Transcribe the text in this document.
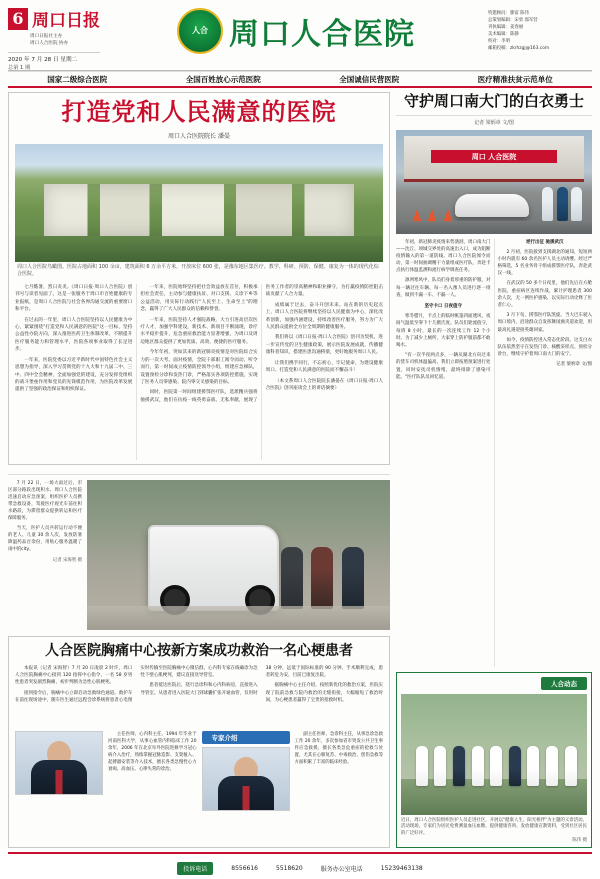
6 周口日报
周口日报社主办
周口人合医院 协办
2020 年 7 月 28 日 星期二
总第 1 期
人合 周口人合医院
特邀顾问：滕富 陈伟
总策划编辑：宋勇 邵军营
刊执编辑：姜春丽
美术编辑：陈静
校对：李明
邮箱投稿：zkrhzgj@163.com
国家二级综合医院	全国百姓放心示范医院	全国诚信民营医院	医疗精准扶贫示范单位
打造党和人民满意的医院
周口人合医院院长 潘晏
周口人合医院鸟瞰图。医院占地面积 100 余亩，建筑面积 6 万余平方米，开放床位 600 张，是豫东地区集医疗、教学、科研、预防、保健、康复为一体的现代化综合医院。

七月酷暑，烈日炎炎。《周口日报·周口人合医院》创刊号与读者见面了。这是一张服务于周口市百姓健康的专业报纸，是周口人合医院与社会各界沟通交流的重要窗口和平台。

在过去的一年里，周口人合医院坚持以人民健康为中心，紧紧围绕"打造党和人民满意的医院"这一目标，坚持公益性办院方向，深入推进医药卫生体制改革，不断提升医疗服务能力和管理水平，医院各项事业取得了长足进步。

一年来，医院党委以习近平新时代中国特色社会主义思想为指导，深入学习贯彻党的十九大和十九届二中、三中、四中全会精神，全面加强党的建设，充分发挥党组织的战斗堡垒作用和党员的先锋模范作用，为医院改革发展提供了坚强的政治保证和组织保证。

一年来，医院始终坚持把社会效益放在首位，积极承担社会责任，主动参与健康扶贫、对口支援、义诊下乡等公益活动，用实际行动践行"人民至上、生命至上"的理念，赢得了广大人民群众的信赖和赞誉。

一年来，医院坚持人才强院战略，大力引进高层次医疗人才，加强学科建设，新技术、新项目不断涌现，诊疗水平稳步提升，危急重症救治能力显著增强，为周口及周边地区群众提供了更加优质、高效、便捷的医疗服务。

今年年初，突如其来的新冠肺炎疫情是对医院综合实力的一次大考。面对疫情，全院干部职工闻令而动、听令而行，第一时间成立疫情防控领导小组，组建应急梯队，设置预检分诊和发热门诊，严格落实各项防控措施，实现了医务人员零感染、院内零交叉感染的目标。

同时，医院第一时间组建援鄂医疗队，选派精兵强将驰援武汉，他们在抗疫一线英勇奋战、无私奉献，展现了医务工作者的崇高精神和职业操守，为打赢疫情防控阻击战贡献了人合力量。

成绩属于过去，奋斗开创未来。站在新的历史起点上，周口人合医院将继续坚持以人民健康为中心，深化改革创新，加强内涵建设，持续改善医疗服务，努力为广大人民群众提供全方位全周期的健康服务。

我们将以《周口日报·周口人合医院》创刊为契机，进一步宣传党的卫生健康政策，展示医院发展成就，传播健康科普知识，搭建医患沟通桥梁，更好地服务周口人民。

让我们携手同行，不忘初心，牢记使命，为建设健康周口、打造党和人民满意的医院而不懈奋斗！

（本文系周口人合医院院长潘晏在《周口日报·周口人合医院》创刊座谈会上的讲话摘要）

7 月 22 日，一场大雨过后，市区部分路段出现积水。周口人合医院迅速启动应急预案，组织医护人员携带急救设备，驾驶医疗观光车前往积水路段，为滞留群众提供转运和医疗保障服务。

当天，医护人员共转运行动不便的老人、儿童 30 余人次，发放防暑降温药品百余份，用贴心服务温暖了雨中的city。

记者 宋海智 摄
人合医院胸痛中心按新方案成功救治一名心梗患者

本报讯（记者 宋海智）7 月 20 日凌晨 2 时许，周口人合医院胸痛中心接到 120 指挥中心指令，一名 58 岁男性患者突发剧烈胸痛，初步判断为急性心肌梗死。

接到指令后，胸痛中心立即启动急救绿色通道。救护车在前往现场途中，随车医生通过远程会诊系统将患者心电图实时传输至医院胸痛中心微信群，心内科专家在线确诊为急性下壁心肌梗死，建议直接送导管室。

患者抵达医院后，绕行急诊科和心内科病房，直接进入导管室。从患者进入医院大门到球囊扩张开通血管，仅用时 38 分钟，远低于国际标准的 90 分钟。手术顺利完成，患者转危为安，目前已康复出院。

据胸痛中心主任介绍，按照新优化的救治方案，医院实现了院前急救与院内救治的无缝衔接，大幅缩短了救治时间，为心梗患者赢得了宝贵的抢救时机。

主任医师，心内科主任，1994 年毕业于河南医科大学，从事心血管内科临床工作 20 余年，2006 年在北京阜外医院进修学习冠心病介入治疗，熟练掌握冠脉造影、支架植入、起搏器安装等介入技术，擅长各类急慢性心力衰竭、高血压、心律失常的诊治。

专家介绍	副主任医师，急诊科主任，从事急诊急救工作 20 余年，多次参加省市突发公共卫生事件应急救援，擅长各类急危重症的抢救与处置，尤其在心肺复苏、中毒救治、创伤急救等方面积累了丰富的临床经验。

守护周口南大门的白衣勇士
记者 梁炳章 文/图
周口 人合医院

年初，新冠肺炎疫情来势汹汹，周口南大门——沈丘、项城交界处的高速出入口，成为阻断疫情输入的第一道防线。周口人合医院闻令而动，第一时间抽调精干力量组成医疗队，奔赴卡点执行体温监测和流行病学调查任务。

凛冽寒风中，队员们身着厚重的防护服，对每一辆过往车辆、每一名入豫人员进行逐一排查，做到不漏一车、不漏一人。

坚守卡口 日夜值守

寒冬腊月，卡点上的临时帐篷四面透风，夜间气温低至零下十几摄氏度。队员们轮流值守，每班 8 小时，最长的一次连续工作 12 个小时。为了减少上厕所，大家穿上防护服前都不敢喝水。

"有一次半夜两点多，一辆从湖北方向过来的货车司机体温偏高，我们立即按照预案进行处置，同时安抚司机情绪，最终排除了感染可能。"医疗队队员回忆道。

逆行出征 驰援武汉

2 月初，医院接到支援湖北的通知，短短两小时内就有 60 余名医护人员主动请缨。经过严格筛选，5 名业务骨干组成援鄂医疗队，奔赴武汉一线。

在武汉的 50 多个日夜里，他们先后在方舱医院、重症病区连续作战，累计护理患者 300 余人次，无一例医护感染，以实际行动诠释了医者仁心。

3 月下旬，援鄂医疗队凯旋。当大巴车驶入周口境内，沿途群众自发挥舞国旗夹道欢迎，用最高礼遇迎接英雄回家。

如今，疫情防控进入常态化阶段。这支白衣队伍依然坚守在发热门诊、核酸采样点、预检分诊台，继续守护着周口南大门的安宁。

记者 梁炳章 文/图

人合动态
近日，周口人合医院组织医护人员走进社区，开展以"健康人生，阳光相伴"为主题的义诊活动。活动现场，专家们为居民免费测量血压血糖、提供健康咨询、发放健康宣教资料，受到社区居民的广泛好评。
陈伟 摄
投诉电话	8556616	5518620	服务办公室电话	15239463138
